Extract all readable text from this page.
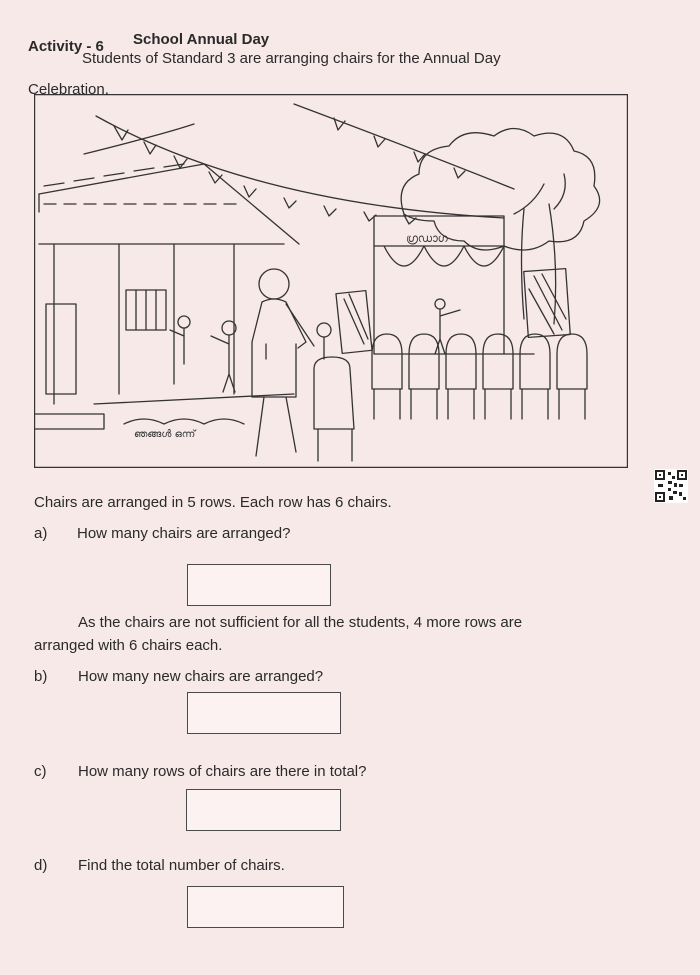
Activity - 6 School Annual Day
Students of Standard 3 are arranging chairs for the Annual Day
Celebration.
ഗ്രഡാഗ
ഞങ്ങൾ ഒന്ന്
Chairs are arranged in 5 rows. Each row has 6 chairs.
a) How many chairs are arranged?
As the chairs are not sufficient for all the students, 4 more rows are
arranged with 6 chairs each.
b) How many new chairs are arranged?
c) How many rows of chairs are there in total?
d) Find the total number of chairs.
